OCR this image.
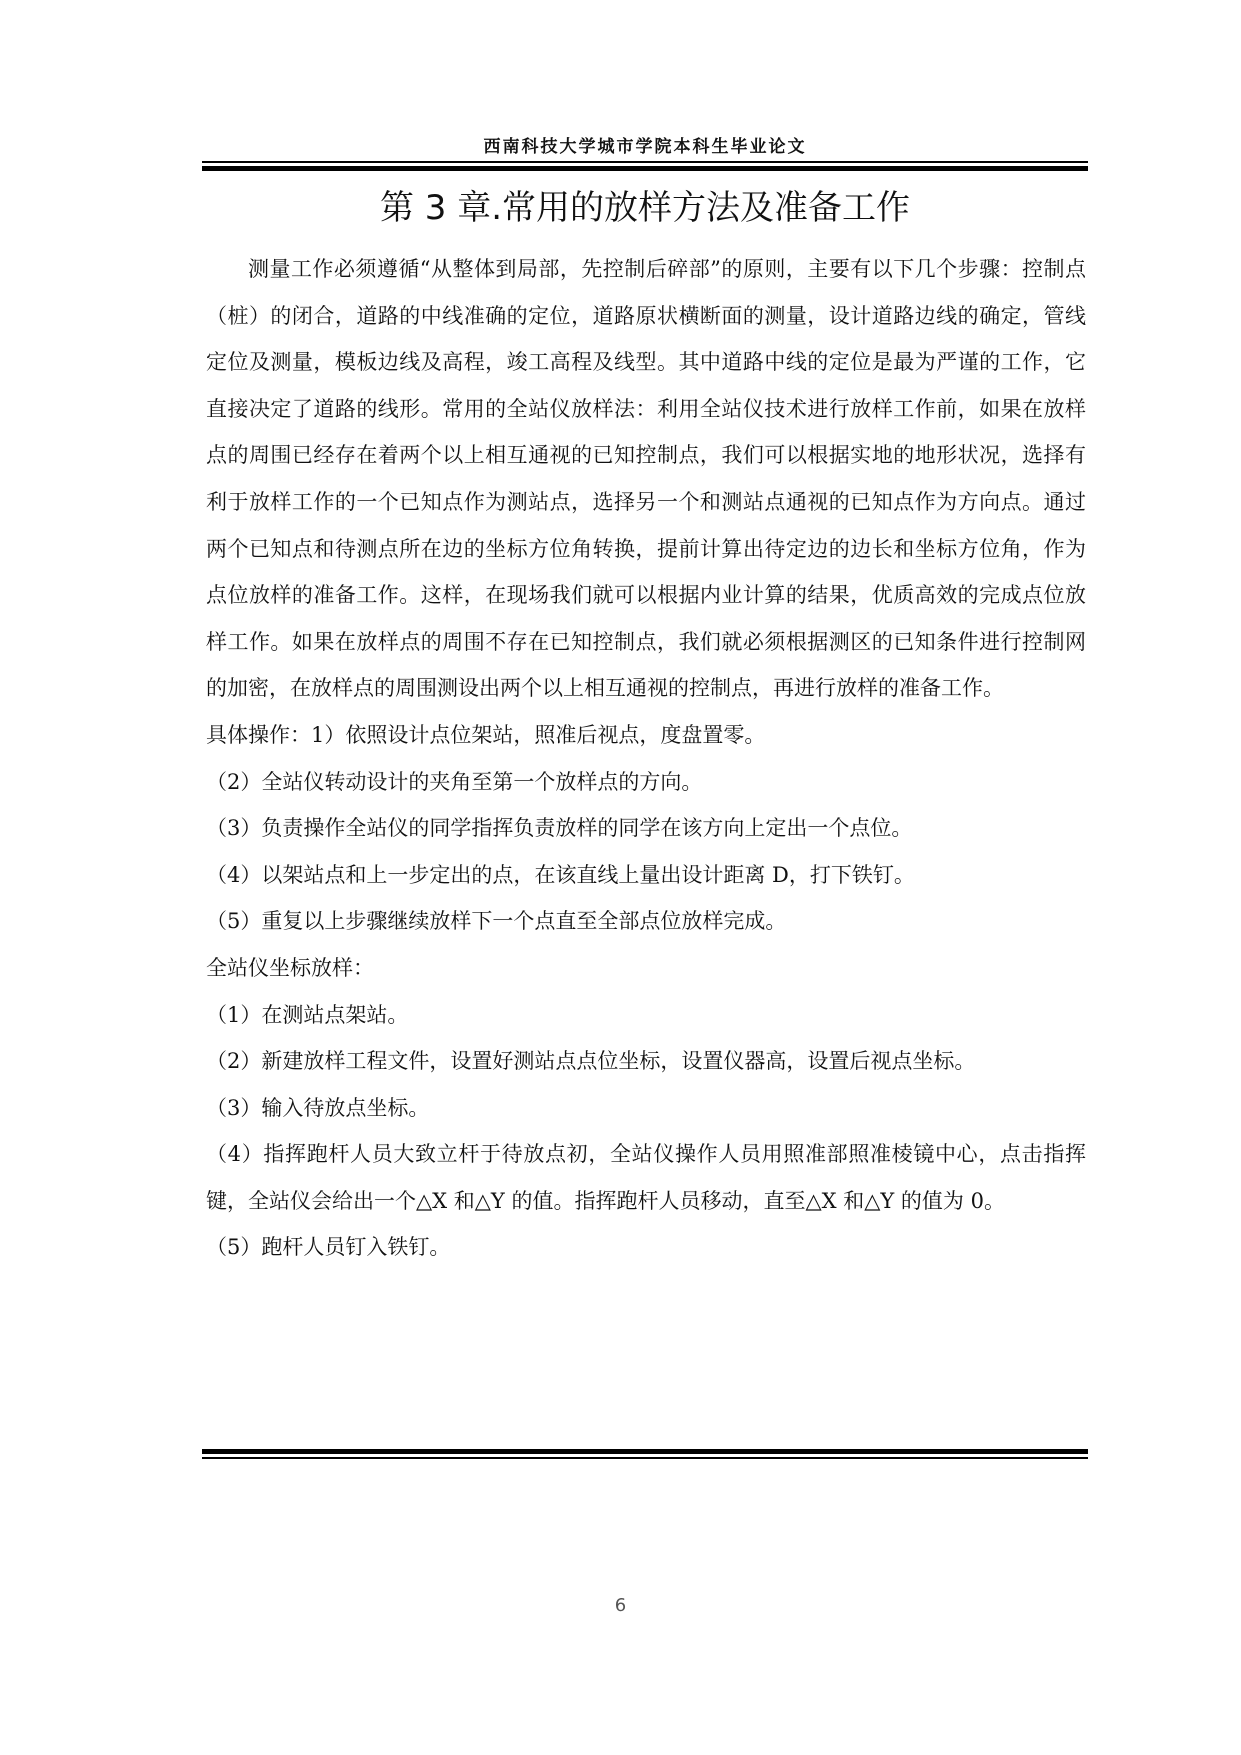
西南科技大学城市学院本科生毕业论文
第 3 章.常用的放样方法及准备工作

测量工作必须遵循“从整体到局部，先控制后碎部”的原则，主要有以下几个步骤：控制点（桩）的闭合，道路的中线准确的定位，道路原状横断面的测量，设计道路边线的确定，管线定位及测量，模板边线及高程，竣工高程及线型。其中道路中线的定位是最为严谨的工作，它直接决定了道路的线形。常用的全站仪放样法：利用全站仪技术进行放样工作前，如果在放样点的周围已经存在着两个以上相互通视的已知控制点，我们可以根据实地的地形状况，选择有利于放样工作的一个已知点作为测站点，选择另一个和测站点通视的已知点作为方向点。通过两个已知点和待测点所在边的坐标方位角转换，提前计算出待定边的边长和坐标方位角，作为点位放样的准备工作。这样，在现场我们就可以根据内业计算的结果，优质高效的完成点位放样工作。如果在放样点的周围不存在已知控制点，我们就必须根据测区的已知条件进行控制网的加密，在放样点的周围测设出两个以上相互通视的控制点，再进行放样的准备工作。

具体操作：1）依照设计点位架站，照准后视点，度盘置零。

（2）全站仪转动设计的夹角至第一个放样点的方向。

（3）负责操作全站仪的同学指挥负责放样的同学在该方向上定出一个点位。

（4）以架站点和上一步定出的点，在该直线上量出设计距离 D，打下铁钉。

（5）重复以上步骤继续放样下一个点直至全部点位放样完成。

全站仪坐标放样：

（1）在测站点架站。

（2）新建放样工程文件，设置好测站点点位坐标，设置仪器高，设置后视点坐标。

（3）输入待放点坐标。

（4）指挥跑杆人员大致立杆于待放点初，全站仪操作人员用照准部照准棱镜中心，点击指挥键，全站仪会给出一个△X 和△Y 的值。指挥跑杆人员移动，直至△X 和△Y 的值为 0。

（5）跑杆人员钉入铁钉。

6
